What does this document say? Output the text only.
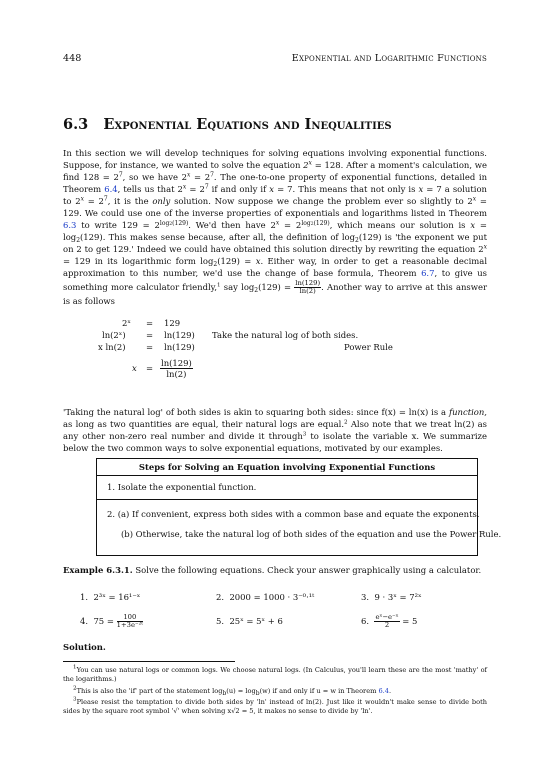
448	Exponential and Logarithmic Functions
6.3 Exponential Equations and Inequalities
In this section we will develop techniques for solving equations involving exponential functions. Suppose, for instance, we wanted to solve the equation $2^x = 128$. After a moment's calculation, we find $128 = 2^7$, so we have $2^x = 2^7$. The one-to-one property of exponential functions, detailed in Theorem 6.4, tells us that $2^x = 2^7$ if and only if x = 7. This means that not only is x = 7 a solution to $2^x = 2^7$, it is the only solution. Now suppose we change the problem ever so slightly to $2^x = 129$. We could use one of the inverse properties of exponentials and logarithms listed in Theorem 6.3 to write $129 = 2^{log2(129)}$. We'd then have $2^x = 2^{log2(129)}$, which means our solution is $x = \log_2(129)$. This makes sense because, after all, the definition of $\log_2(129)$ is 'the exponent we put on 2 to get 129.' Indeed we could have obtained this solution directly by rewriting the equation $2^x = 129$ in its logarithmic form $\log_2(129) = x$. Either way, in order to get a reasonable decimal approximation to this number, we'd use the change of base formula, Theorem 6.7, to give us something more calculator friendly,$^1$ say $\log_2(129) = \frac{\ln(129)}{\ln(2)}$ . Another way to arrive at this answer is as follows
2ˣ = 129
ln(2ˣ) = ln(129) Take the natural log of both sides.
x ln(2) = ln(129)	Power Rule
$x = \frac{\ln(129)}{\ln(2)}$
'Taking the natural log' of both sides is akin to squaring both sides: since f(x) = ln(x) is a function, as long as two quantities are equal, their natural logs are equal.$^2$ Also note that we treat ln(2) as any other non-zero real number and divide it through$^3$ to isolate the variable x. We summarize below the two common ways to solve exponential equations, motivated by our examples.
Steps for Solving an Equation involving Exponential Functions
1. Isolate the exponential function.
2. (a) If convenient, express both sides with a common base and equate the exponents.
(b) Otherwise, take the natural log of both sides of the equation and use the Power Rule.
Example 6.3.1. Solve the following equations. Check your answer graphically using a calculator.
1. 2³ˣ = 16¹⁻ˣ	2. 2000 = 1000 · 3⁻⁰·¹ᵗ	3. 9 · 3ˣ = 7²ˣ
4. $75 = \frac{100}{\text{1+3e⁻²ᵗ}}$	5. 25ˣ = 5ˣ + 6	6. $\frac{\text{eˣ−e⁻ˣ}}{2} = 5$
Solution.
$^1$You can use natural logs or common logs. We choose natural logs. (In Calculus, you'll learn these are the most 'mathy' of the logarithms.)
$^2$This is also the 'if' part of the statement logb(u) = logb(w) if and only if u = w in Theorem 6.4.
$^3$Please resist the temptation to divide both sides by 'ln' instead of ln(2). Just like it wouldn't make sense to divide both sides by the square root symbol '√' when solving x√2 = 5, it makes no sense to divide by 'ln'.
